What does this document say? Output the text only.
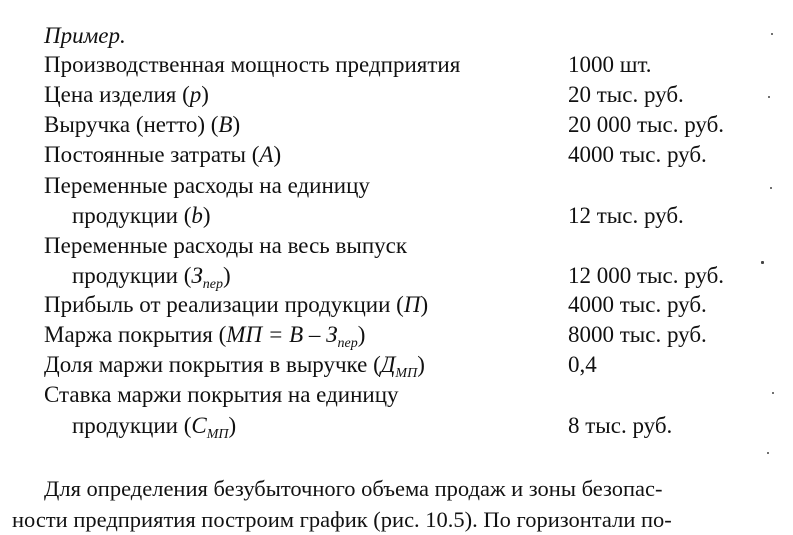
Пример.
Производственная мощность предприятия	1000 шт.
Цена изделия (p)	20 тыс. руб.
Выручка (нетто) (B)	20 000 тыс. руб.
Постоянные затраты (A)	4000 тыс. руб.
Переменные расходы на единицу
продукции (b)	12 тыс. руб.
Переменные расходы на весь выпуск
продукции $(З_{пер})$	12 000 тыс. руб.
Прибыль от реализации продукции (П)	4000 тыс. руб.
Маржа покрытия $(МП = В - З_{пер})$	8000 тыс. руб.
Доля маржи покрытия в выручке $(Д_{МП})$	0,4
Ставка маржи покрытия на единицу
продукции $(С_{МП})$	8 тыс. руб.
Для определения безубыточного объема продаж и зоны безопас-
ности предприятия построим график (рис. 10.5). По горизонтали по-
